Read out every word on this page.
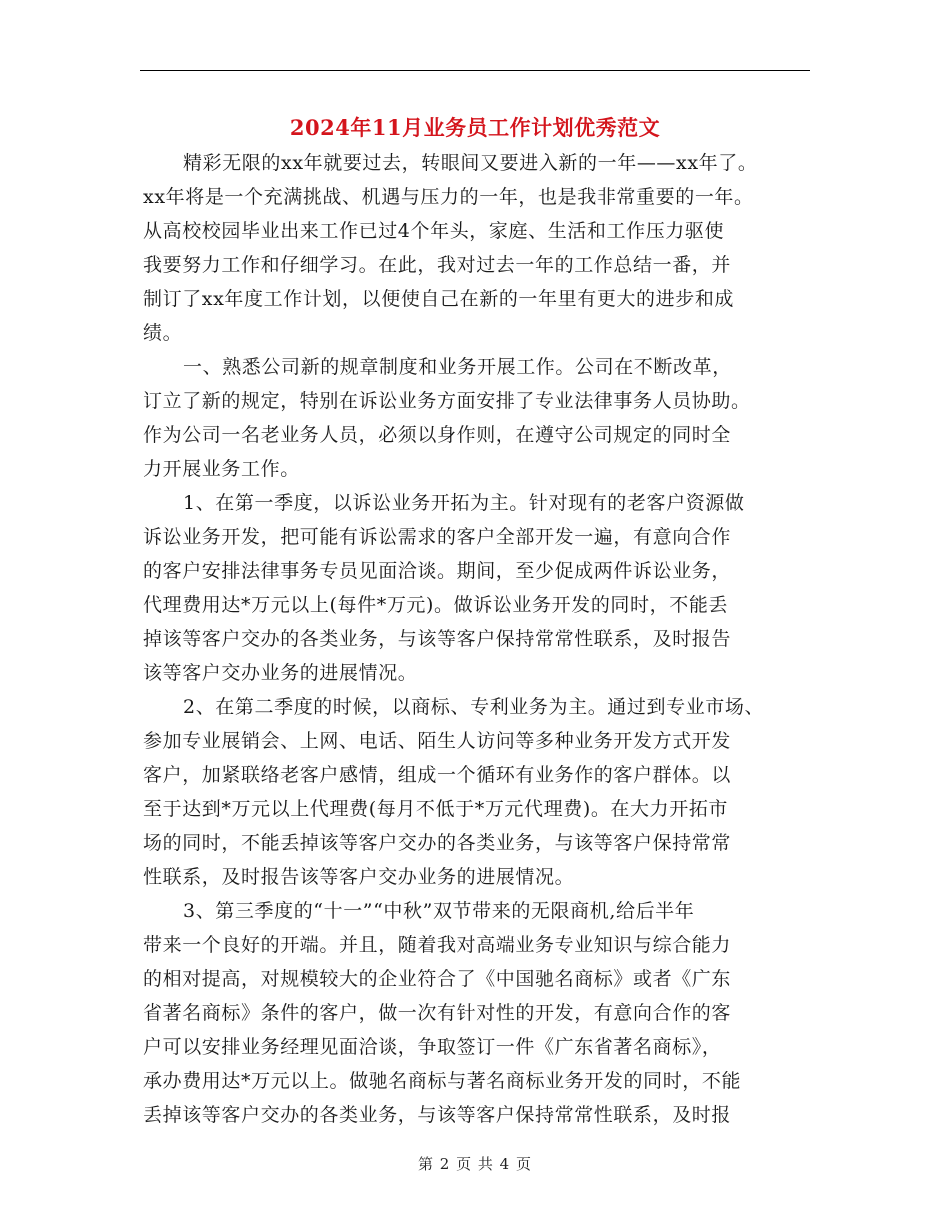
2024年11月业务员工作计划优秀范文
精彩无限的xx年就要过去，转眼间又要进入新的一年——xx年了。
xx年将是一个充满挑战、机遇与压力的一年，也是我非常重要的一年。
从高校校园毕业出来工作已过4个年头，家庭、生活和工作压力驱使
我要努力工作和仔细学习。在此，我对过去一年的工作总结一番，并
制订了xx年度工作计划，以便使自己在新的一年里有更大的进步和成
绩。
一、熟悉公司新的规章制度和业务开展工作。公司在不断改革，
订立了新的规定，特别在诉讼业务方面安排了专业法律事务人员协助。
作为公司一名老业务人员，必须以身作则，在遵守公司规定的同时全
力开展业务工作。
1、在第一季度，以诉讼业务开拓为主。针对现有的老客户资源做
诉讼业务开发，把可能有诉讼需求的客户全部开发一遍，有意向合作
的客户安排法律事务专员见面洽谈。期间，至少促成两件诉讼业务，
代理费用达*万元以上(每件*万元)。做诉讼业务开发的同时，不能丢
掉该等客户交办的各类业务，与该等客户保持常常性联系，及时报告
该等客户交办业务的进展情况。
2、在第二季度的时候，以商标、专利业务为主。通过到专业市场、
参加专业展销会、上网、电话、陌生人访问等多种业务开发方式开发
客户，加紧联络老客户感情，组成一个循环有业务作的客户群体。以
至于达到*万元以上代理费(每月不低于*万元代理费)。在大力开拓市
场的同时，不能丢掉该等客户交办的各类业务，与该等客户保持常常
性联系，及时报告该等客户交办业务的进展情况。
3、第三季度的“十一”“中秋”双节带来的无限商机,给后半年
带来一个良好的开端。并且，随着我对高端业务专业知识与综合能力
的相对提高，对规模较大的企业符合了《中国驰名商标》或者《广东
省著名商标》条件的客户，做一次有针对性的开发，有意向合作的客
户可以安排业务经理见面洽谈，争取签订一件《广东省著名商标》，
承办费用达*万元以上。做驰名商标与著名商标业务开发的同时，不能
丢掉该等客户交办的各类业务，与该等客户保持常常性联系，及时报
第 2 页 共 4 页
